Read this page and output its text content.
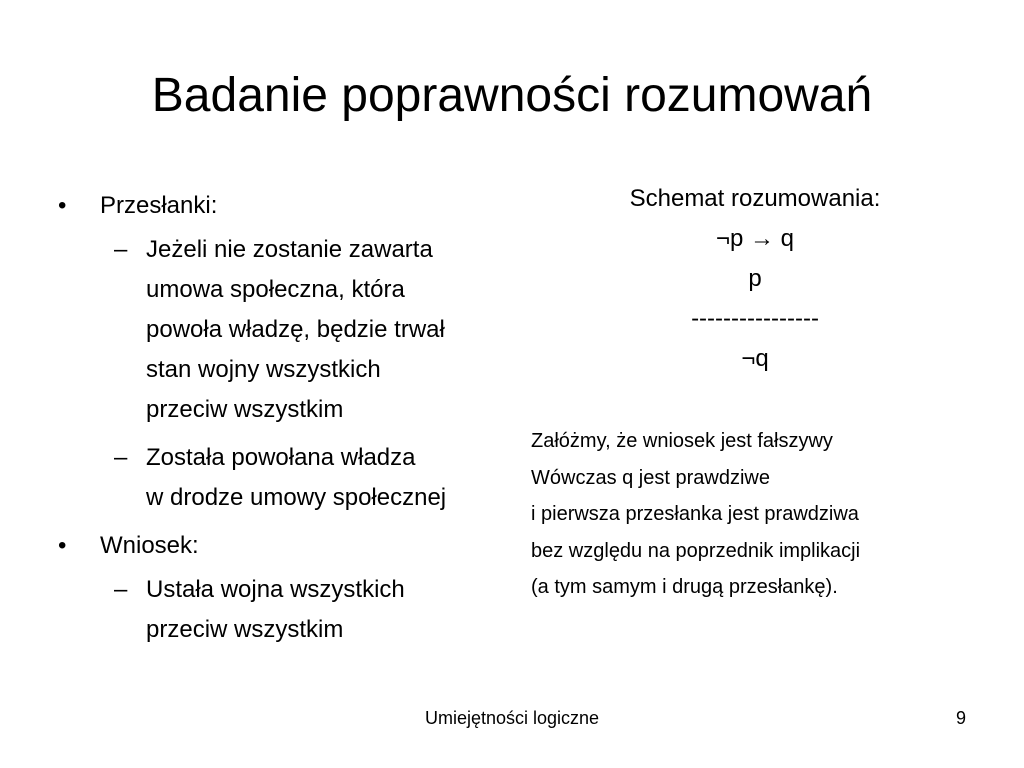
Badanie poprawności rozumowań
•	Przesłanki:
– Jeżeli nie zostanie zawarta
umowa społeczna, która
powoła władzę, będzie trwał
stan wojny wszystkich
przeciw wszystkim
– Została powołana władza
w drodze umowy społecznej
•	Wniosek:
– Ustała wojna wszystkich
przeciw wszystkim
Schemat rozumowania:
¬p → q
p
----------------
¬q
Załóżmy, że wniosek jest fałszywy
Wówczas q jest prawdziwe
i pierwsza przesłanka jest prawdziwa
bez względu na poprzednik implikacji
(a tym samym i drugą przesłankę).
Umiejętności logiczne	9
